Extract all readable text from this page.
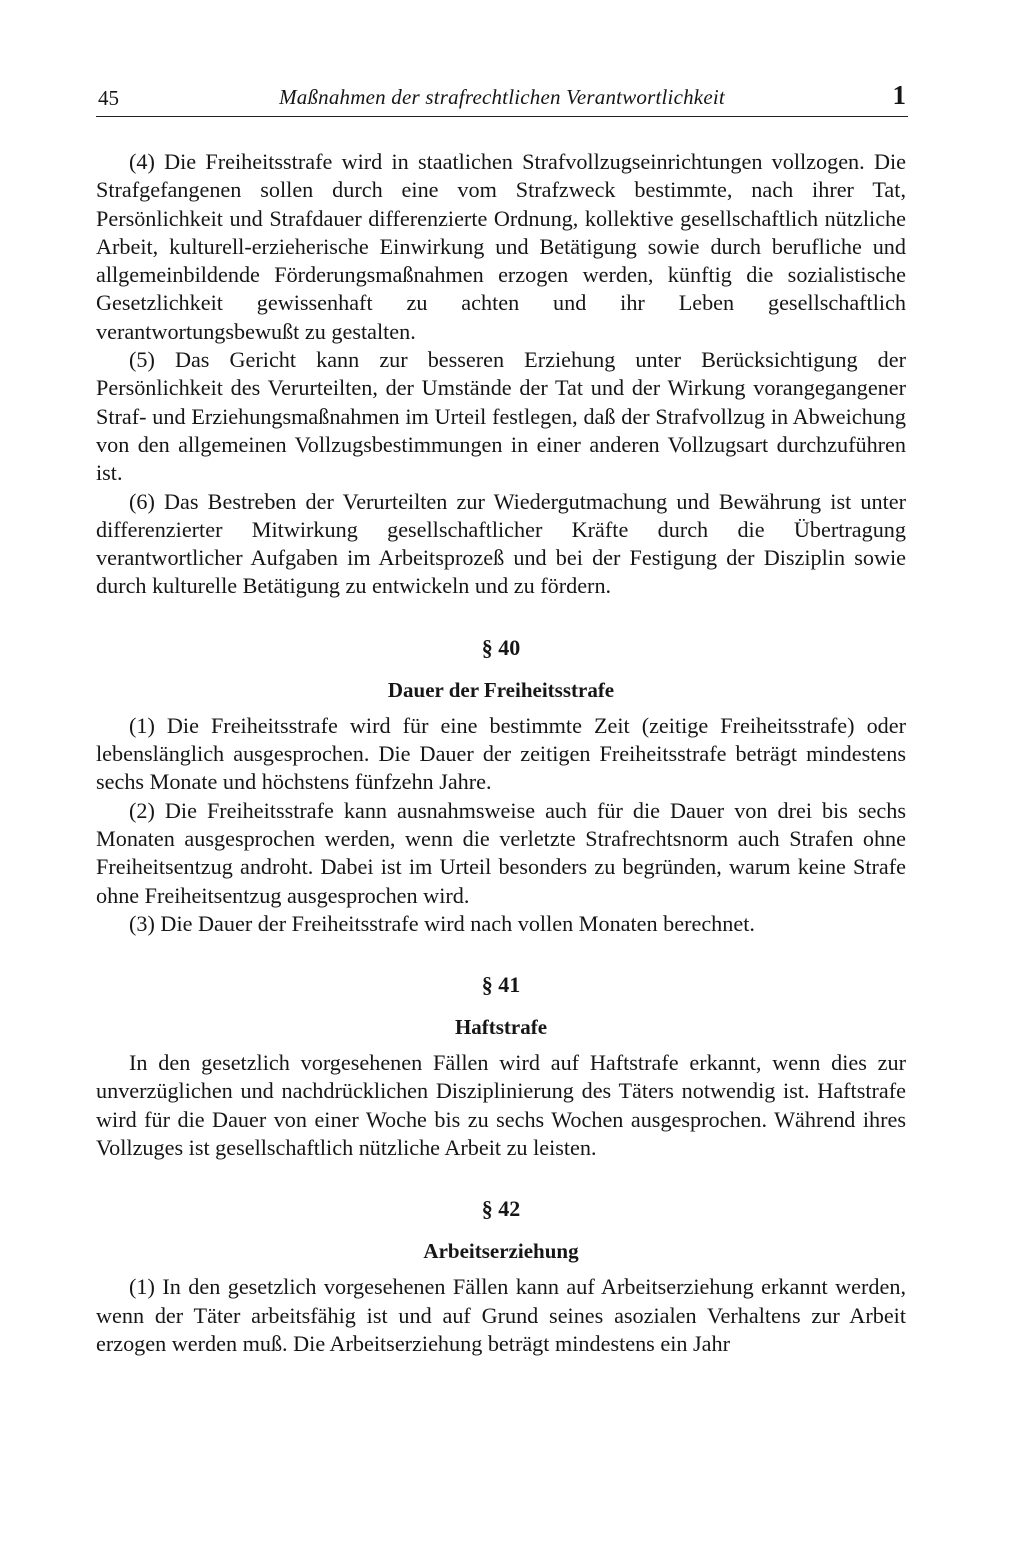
45	Maßnahmen der strafrechtlichen Verantwortlichkeit	1

(4) Die Freiheitsstrafe wird in staatlichen Strafvollzugseinrichtungen vollzogen. Die Strafgefangenen sollen durch eine vom Strafzweck bestimmte, nach ihrer Tat, Persönlichkeit und Strafdauer differenzierte Ordnung, kollektive gesellschaftlich nützliche Arbeit, kulturell-erzieherische Einwirkung und Betätigung sowie durch berufliche und allgemeinbildende Förderungsmaßnahmen erzogen werden, künftig die sozialistische Gesetzlichkeit gewissenhaft zu achten und ihr Leben gesellschaftlich verantwortungsbewußt zu gestalten.

(5) Das Gericht kann zur besseren Erziehung unter Berücksichtigung der Persönlichkeit des Verurteilten, der Umstände der Tat und der Wirkung vorangegangener Straf- und Erziehungsmaßnahmen im Urteil festlegen, daß der Strafvollzug in Abweichung von den allgemeinen Vollzugsbestimmungen in einer anderen Vollzugsart durchzuführen ist.

(6) Das Bestreben der Verurteilten zur Wiedergutmachung und Bewährung ist unter differenzierter Mitwirkung gesellschaftlicher Kräfte durch die Übertragung verantwortlicher Aufgaben im Arbeitsprozeß und bei der Festigung der Disziplin sowie durch kulturelle Betätigung zu entwickeln und zu fördern.

§ 40
Dauer der Freiheitsstrafe

(1) Die Freiheitsstrafe wird für eine bestimmte Zeit (zeitige Freiheitsstrafe) oder lebenslänglich ausgesprochen. Die Dauer der zeitigen Freiheitsstrafe beträgt mindestens sechs Monate und höchstens fünfzehn Jahre.

(2) Die Freiheitsstrafe kann ausnahmsweise auch für die Dauer von drei bis sechs Monaten ausgesprochen werden, wenn die verletzte Strafrechtsnorm auch Strafen ohne Freiheitsentzug androht. Dabei ist im Urteil besonders zu begründen, warum keine Strafe ohne Freiheitsentzug ausgesprochen wird.

(3) Die Dauer der Freiheitsstrafe wird nach vollen Monaten berechnet.

§ 41
Haftstrafe

In den gesetzlich vorgesehenen Fällen wird auf Haftstrafe erkannt, wenn dies zur unverzüglichen und nachdrücklichen Disziplinierung des Täters notwendig ist. Haftstrafe wird für die Dauer von einer Woche bis zu sechs Wochen ausgesprochen. Während ihres Vollzuges ist gesellschaftlich nützliche Arbeit zu leisten.

§ 42
Arbeitserziehung

(1) In den gesetzlich vorgesehenen Fällen kann auf Arbeitserziehung erkannt werden, wenn der Täter arbeitsfähig ist und auf Grund seines asozialen Verhaltens zur Arbeit erzogen werden muß. Die Arbeitserziehung beträgt mindestens ein Jahr
